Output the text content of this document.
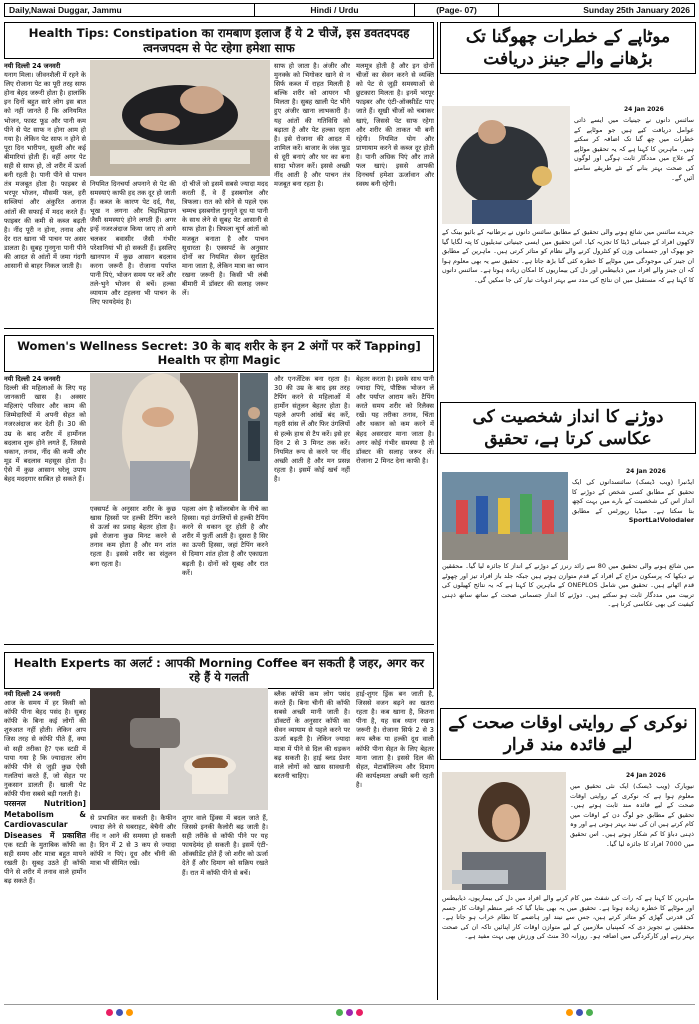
Daily,Nawai Duggar, Jammu	Hindi / Urdu	(Page- 07)	Sunday 25th January 2026
Health Tips: Constipation का रामबाण इलाज हैं ये 2 चीजें, इस डवतदपदह त्वनजपदम से पेट रहेगा हमेशा साफ
नयी दिल्ली 24 जनवरी
यनाग मिला। जीवनशैली में रहने के लिए रोजाना पेट का पूरी तरह साफ होना बेहद जरूरी होता है। हालांकि इन दिनों बहुत सारे लोग इस बात को नहीं जानते हैं कि अनियमित भोजन, फास्ट फूड और पानी कम पीने से पेट साफ न होना आम हो गया है। लेकिन पेट साफ न होने से पूरा दिन भारीपन, सुस्ती और कई बीमारियां होती हैं। वहीं अगर पेट सही से साफ हो, तो शरीर में ऊर्जा बनी रहती है। पानी पीने से पाचन तंत्र मजबूत होता है। फाइबर से भरपूर भोजन, मौसमी फल, हरी सब्जियां और अंकुरित अनाज आंतों की सफाई में मदद करते हैं। फाइबर की कमी से कब्ज बढ़ती है। नींद पूरी न होना, तनाव और देर रात खाना भी पाचन पर असर डालता है। सुबह गुनगुना पानी पीने की आदत से आंतों में जमा गंदगी आसानी से बाहर निकल जाती है।
नियमित दिनचर्या अपनाने से पेट की समस्याएं काफी हद तक दूर हो जाती हैं। कब्ज के कारण पेट दर्द, गैस, भूख न लगना और चिड़चिड़ापन जैसी समस्याएं होने लगती हैं। अगर इन्हें नजरअंदाज किया जाए तो आगे चलकर बवासीर जैसी गंभीर परेशानियां भी हो सकती हैं। इसलिए खानपान में कुछ आसान बदलाव करना जरूरी है। रोजाना पर्याप्त पानी पिएं, भोजन समय पर करें और तले-भुने भोजन से बचें। हल्का व्यायाम और टहलना भी पाचन के लिए फायदेमंद है।
दो चीजें जो इसमें सबसे ज्यादा मदद करती हैं, वे हैं इसबगोल और त्रिफला। रात को सोने से पहले एक चम्मच इसबगोल गुनगुने दूध या पानी के साथ लेने से सुबह पेट आसानी से साफ होता है। त्रिफला चूर्ण आंतों को मजबूत बनाता है और पाचन सुधारता है। एक्सपर्ट के अनुसार दोनों का नियमित सेवन सुरक्षित माना जाता है, लेकिन मात्रा का ध्यान रखना जरूरी है। किसी भी लंबी बीमारी में डॉक्टर की सलाह जरूर लें।
साफ हो जाता है। अंजीर और मुनक्के को भिगोकर खाने से न सिर्फ कब्ज में राहत मिलती है बल्कि शरीर को आयरन भी मिलता है। सुबह खाली पेट भीगे हुए अंजीर खाना लाभकारी है। यह आंतों की गतिविधि को बढ़ाता है और पेट हल्का रहता है। इसे रोजाना की आदत में शामिल करें। बाजार के जंक फूड से दूरी बनाएं और घर का बना सादा भोजन करें। इससे अच्छी नींद आती है और पाचन तंत्र मजबूत बना रहता है।
मलमूत्र होती है और इन दोनों चीजों का सेवन करने से व्यक्ति को पेट से जुड़ी समस्याओं से छुटकारा मिलता है। इनमें भरपूर फाइबर और एंटी-ऑक्सीडेंट पाए जाते हैं। सूखी चीजों को चबाकर खाएं, जिससे पेट साफ रहेगा और शरीर की ताकत भी बनी रहेगी। नियमित योग और प्राणायाम करने से कब्ज दूर होती है। पानी अधिक पिएं और ताजे फल खाएं। इससे आपकी दिनचर्या हमेशा ऊर्जावान और स्वस्थ बनी रहेगी।
Women's Wellness Secret: 30 के बाद शरीर के इन 2 अंगों पर करें Tapping] Health पर होगा Magic
नयी दिल्ली 24 जनवरी
दिल्ली की महिलाओं के लिए यह जानकारी खास है। अक्सर महिलाएं परिवार और काम की जिम्मेदारियों में अपनी सेहत को नजरअंदाज कर देती हैं। 30 की उम्र के बाद शरीर में हार्मोनल बदलाव शुरू होने लगते हैं, जिससे थकान, तनाव, नींद की कमी और मूड में बदलाव महसूस होता है। ऐसे में कुछ आसान घरेलू उपाय बेहद मददगार साबित हो सकते हैं।
एक्सपर्ट के अनुसार शरीर के कुछ खास हिस्सों पर हल्की टैपिंग करने से ऊर्जा का प्रवाह बेहतर होता है। इसे रोजाना कुछ मिनट करने से तनाव कम होता है और मन शांत रहता है। इससे शरीर का संतुलन बना रहता है।
पहला अंग है कॉलरबोन के नीचे का हिस्सा। यहां उंगलियों से हल्की टैपिंग करने से थकान दूर होती है और शरीर में फुर्ती आती है। दूसरा है सिर का ऊपरी हिस्सा, जहां टैपिंग करने से दिमाग शांत होता है और एकाग्रता बढ़ती है। दोनों को सुबह और रात करें।
और एनर्जेटिक बना रहता है। 30 की उम्र के बाद इस तरह टैपिंग करने से महिलाओं में हार्मोन संतुलन बेहतर होता है। पहले अपनी आंखें बंद करें, गहरी सांस लें और फिर उंगलियों से हल्के हाथ से टैप करें। इसे हर दिन 2 से 3 मिनट तक करें। नियमित रूप से करने पर नींद अच्छी आती है और मन प्रसन्न रहता है। इसमें कोई खर्च नहीं है।
बेहतर करता है। इसके साथ पानी ज्यादा पिएं, पौष्टिक भोजन लें और पर्याप्त आराम करें। टैपिंग करते समय शरीर को रिलैक्स रखें। यह तरीका तनाव, चिंता और थकान को कम करने में बेहद असरदार माना जाता है। अगर कोई गंभीर समस्या है तो डॉक्टर की सलाह जरूर लें। रोजाना 2 मिनट देना काफी है।
Health Experts का अलर्ट : आपकी Morning Coffee बन सकती है जहर, अगर कर रहे हैं ये गलती
नयी दिल्ली 24 जनवरी
आज के समय में हर किसी को कॉफी पीना बेहद पसंद है। सुबह कॉफी के बिना कई लोगों की शुरुआत नहीं होती। लेकिन आप जिस तरह से कॉफी पीते हैं, क्या वो सही तरीका है? एक स्टडी में पाया गया है कि ज्यादातर लोग कॉफी पीने से जुड़ी कुछ ऐसी गलतियां करते हैं, जो सेहत पर नुकसान डालती हैं। खाली पेट कॉफी पीना सबसे बड़ी गलती है।
परसनल Nutrition] Metabolism & Cardiovascular Diseases में प्रकाशित एक स्टडी के मुताबिक कॉफी का सही समय और मात्रा बहुत मायने रखती है। सुबह उठते ही कॉफी पीने से शरीर में तनाव वाले हार्मोन बढ़ सकते हैं।
से प्रभावित कर सकती है। कैफीन ज्यादा लेने से घबराहट, बेचैनी और नींद न आने की समस्या हो सकती है। दिन में 2 से 3 कप से ज्यादा कॉफी न पिएं। दूध और चीनी की मात्रा भी सीमित रखें।
शुगर वाले ड्रिंक्स में बदल जाते हैं, जिससे इनकी कैलोरी बढ़ जाती है। सही तरीके से कॉफी पीने पर यह फायदेमंद हो सकती है। इसमें एंटी-ऑक्सीडेंट होते हैं जो शरीर को ऊर्जा देते हैं और दिमाग को सक्रिय रखते हैं। रात में कॉफी पीने से बचें।
ब्लैक कॉफी कम लोग पसंद करते हैं। बिना चीनी की कॉफी सबसे अच्छी मानी जाती है। डॉक्टरों के अनुसार कॉफी का सेवन व्यायाम से पहले करने पर ऊर्जा बढ़ती है। लेकिन ज्यादा मात्रा में पीने से दिल की धड़कन बढ़ सकती है। हाई ब्लड प्रेशर वाले लोगों को खास सावधानी बरतनी चाहिए।
हाई-शुगर ड्रिंक बन जाती है, जिससे वजन बढ़ने का खतरा रहता है। कब खाना है, कितना पीना है, यह सब ध्यान रखना जरूरी है। रोजाना सिर्फ 2 से 3 कप ब्लैक या हल्की दूध वाली कॉफी पीना सेहत के लिए बेहतर माना जाता है। इससे दिल की सेहत, मेटाबॉलिज्म और दिमाग की कार्यक्षमता अच्छी बनी रहती है।
موٹاپے کے خطرات چھوگنا تک بڑھانے والے جینز دریافت
24 Jan 2026
سائنس دانوں نے جینیات میں ایسے ذاتی عوامل دریافت کیے ہیں جو موٹاپے کے خطرات میں چھ گنا تک اضافہ کر سکتے ہیں۔ ماہرین کا کہنا ہے کہ یہ تحقیق موٹاپے کے علاج میں مددگار ثابت ہوگی اور لوگوں کی صحت بہتر بنانے کے نئے طریقے سامنے آئیں گے۔
جریدے سائنس میں شائع ہونے والی تحقیق کے مطابق سائنس دانوں نے برطانیہ کے بائیو بینک کے لاکھوں افراد کے جینیاتی ڈیٹا کا تجزیہ کیا۔ اس تحقیق میں ایسی جینیاتی تبدیلیوں کا پتہ لگایا گیا جو بھوک اور جسمانی وزن کو کنٹرول کرنے والے نظام کو متاثر کرتی ہیں۔ ماہرین کے مطابق ان جینز کی موجودگی میں موٹاپے کا خطرہ کئی گنا بڑھ جاتا ہے۔ تحقیق سے یہ بھی معلوم ہوا کہ ان جینز والے افراد میں ذیابیطس اور دل کی بیماریوں کا امکان زیادہ ہوتا ہے۔ سائنس دانوں کا کہنا ہے کہ مستقبل میں ان نتائج کی مدد سے بہتر ادویات تیار کی جا سکیں گی۔
دوڑنے کا انداز شخصیت کی عکاسی کرتا ہے، تحقیق
24 Jan 2026
ایڈنبرا (ویب ڈیسک) سائنسدانوں کی ایک تحقیق کے مطابق کسی شخص کے دوڑنے کا انداز اس کی شخصیت کے بارے میں بہت کچھ بتا سکتا ہے۔ میڈیا رپورٹس کے مطابق SportLa!Volodaler
میں شائع ہونے والی تحقیق میں 80 سے زائد رنرز کے دوڑنے کے انداز کا جائزہ لیا گیا۔ محققین نے دیکھا کہ پرسکون مزاج کے افراد کے قدم متوازن ہوتے ہیں جبکہ جلد باز افراد تیز اور چھوٹے قدم اٹھاتے ہیں۔ تحقیق میں شامل ONEPLOS کے ماہرین کا کہنا ہے کہ یہ نتائج کھیلوں کی تربیت میں مددگار ثابت ہو سکتے ہیں۔ دوڑنے کا انداز جسمانی صحت کے ساتھ ساتھ ذہنی کیفیت کی بھی عکاسی کرتا ہے۔
نوکری کے روایتی اوقات صحت کے لیے فائدہ مند قرار
24 Jan 2026
نیویارک (ویب ڈیسک) ایک نئی تحقیق میں معلوم ہوا ہے کہ نوکری کے روایتی اوقات صحت کے لیے فائدہ مند ثابت ہوتے ہیں۔ تحقیق کے مطابق جو لوگ دن کے اوقات میں کام کرتے ہیں ان کی نیند بہتر ہوتی ہے اور وہ ذہنی دباؤ کا کم شکار ہوتے ہیں۔ اس تحقیق میں 7000 افراد کا جائزہ لیا گیا۔
ماہرین کا کہنا ہے کہ رات کی شفٹ میں کام کرنے والے افراد میں دل کی بیماریوں، ذیابیطس اور موٹاپے کا خطرہ زیادہ ہوتا ہے۔ تحقیق میں یہ بھی بتایا گیا کہ غیر منظم اوقات کار جسم کی قدرتی گھڑی کو متاثر کرتے ہیں، جس سے نیند اور ہاضمے کا نظام خراب ہو جاتا ہے۔ محققین نے تجویز دی کہ کمپنیاں ملازمین کے لیے متوازن اوقات کار اپنائیں تاکہ ان کی صحت بہتر رہے اور کارکردگی میں اضافہ ہو۔ روزانہ 30 منٹ کی ورزش بھی بہت مفید ہے۔
